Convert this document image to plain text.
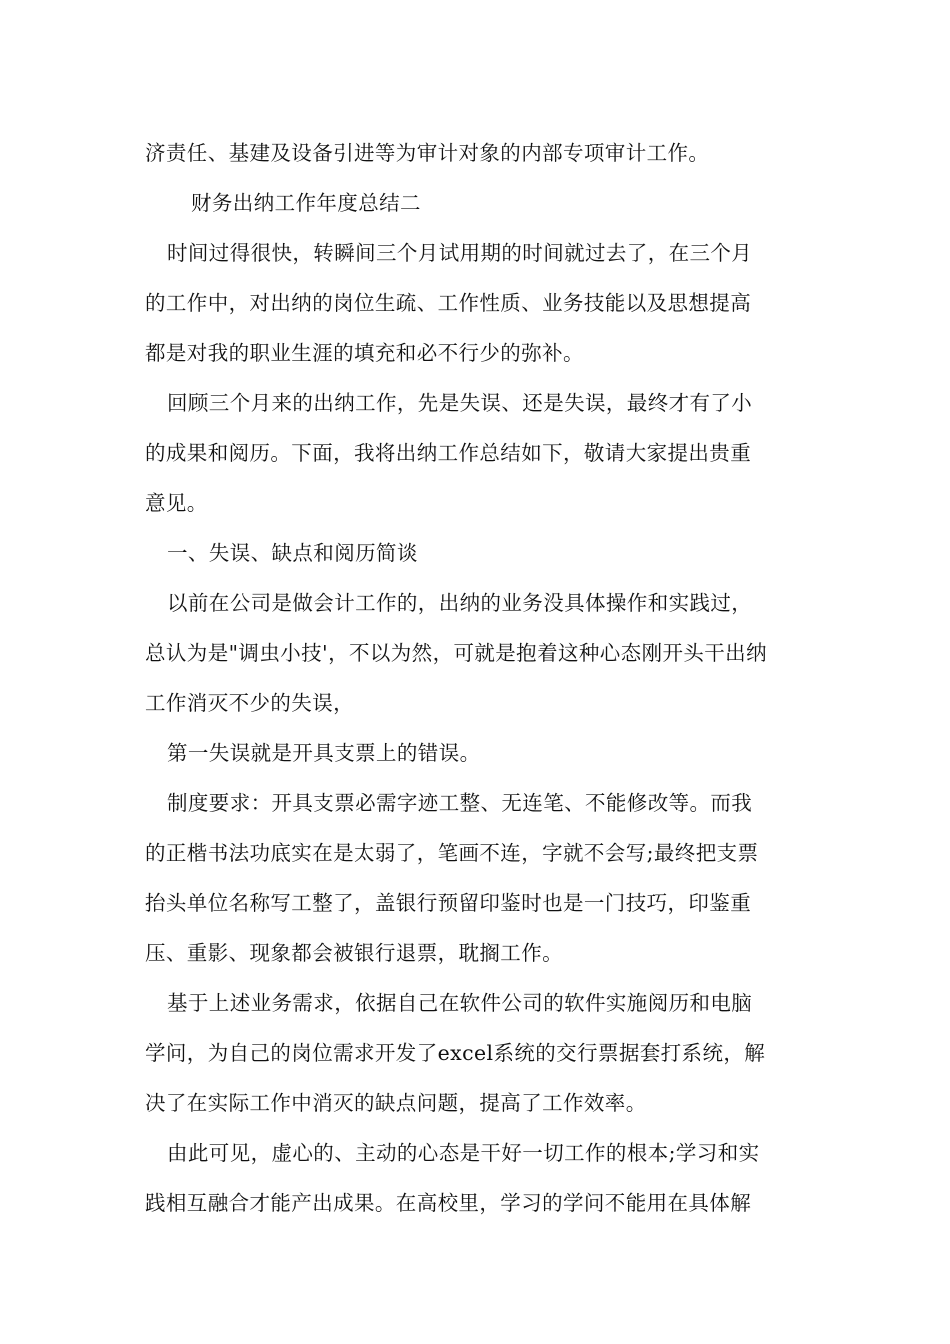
济责任、基建及设备引进等为审计对象的内部专项审计工作。
财务出纳工作年度总结二
时间过得很快，转瞬间三个月试用期的时间就过去了，在三个月
的工作中，对出纳的岗位生疏、工作性质、业务技能以及思想提高
都是对我的职业生涯的填充和必不行少的弥补。
回顾三个月来的出纳工作，先是失误、还是失误，最终才有了小
的成果和阅历。下面，我将出纳工作总结如下，敬请大家提出贵重
意见。
一、失误、缺点和阅历简谈
以前在公司是做会计工作的，出纳的业务没具体操作和实践过，
总认为是"调虫小技'，不以为然，可就是抱着这种心态刚开头干出纳
工作消灭不少的失误，
第一失误就是开具支票上的错误。
制度要求：开具支票必需字迹工整、无连笔、不能修改等。而我
的正楷书法功底实在是太弱了，笔画不连，字就不会写;最终把支票
抬头单位名称写工整了，盖银行预留印鉴时也是一门技巧，印鉴重
压、重影、现象都会被银行退票，耽搁工作。
基于上述业务需求，依据自己在软件公司的软件实施阅历和电脑
学问，为自己的岗位需求开发了excel系统的交行票据套打系统，解
决了在实际工作中消灭的缺点问题，提高了工作效率。
由此可见，虚心的、主动的心态是干好一切工作的根本;学习和实
践相互融合才能产出成果。在高校里，学习的学问不能用在具体解
